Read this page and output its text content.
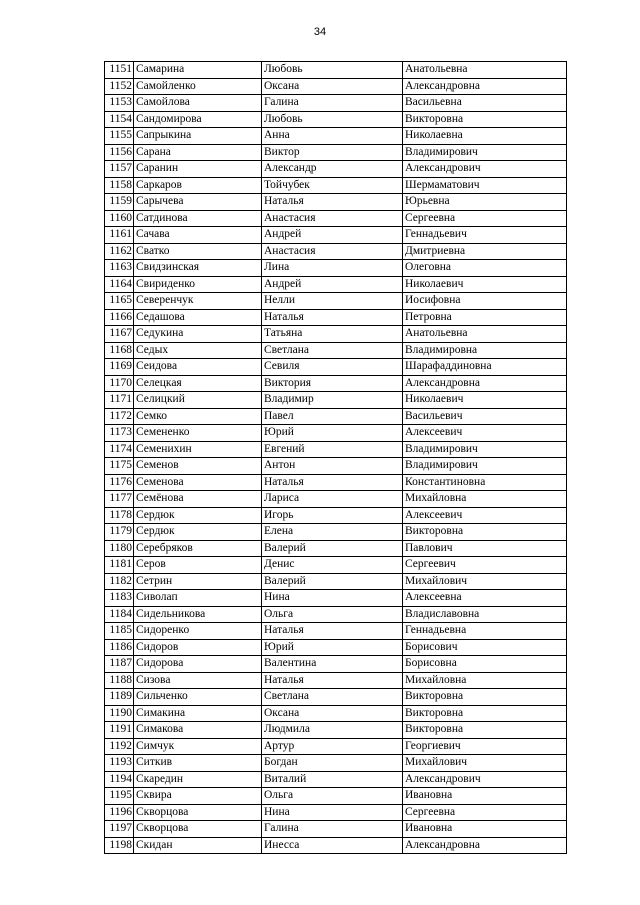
34
1151	Самарина	Любовь	Анатольевна
1152	Самойленко	Оксана	Александровна
1153	Самойлова	Галина	Васильевна
1154	Сандомирова	Любовь	Викторовна
1155	Сапрыкина	Анна	Николаевна
1156	Сарана	Виктор	Владимирович
1157	Саранин	Александр	Александрович
1158	Саркаров	Тойчубек	Шермаматович
1159	Сарычева	Наталья	Юрьевна
1160	Сатдинова	Анастасия	Сергеевна
1161	Сачава	Андрей	Геннадьевич
1162	Сватко	Анастасия	Дмитриевна
1163	Свидзинская	Лина	Олеговна
1164	Свириденко	Андрей	Николаевич
1165	Северенчук	Нелли	Иосифовна
1166	Седашова	Наталья	Петровна
1167	Седукина	Татьяна	Анатольевна
1168	Седых	Светлана	Владимировна
1169	Сеидова	Севиля	Шарафаддиновна
1170	Селецкая	Виктория	Александровна
1171	Селицкий	Владимир	Николаевич
1172	Семко	Павел	Васильевич
1173	Семененко	Юрий	Алексеевич
1174	Семенихин	Евгений	Владимирович
1175	Семенов	Антон	Владимирович
1176	Семенова	Наталья	Константиновна
1177	Семёнова	Лариса	Михайловна
1178	Сердюк	Игорь	Алексеевич
1179	Сердюк	Елена	Викторовна
1180	Серебряков	Валерий	Павлович
1181	Серов	Денис	Сергеевич
1182	Сетрин	Валерий	Михайлович
1183	Сиволап	Нина	Алексеевна
1184	Сидельникова	Ольга	Владиславовна
1185	Сидоренко	Наталья	Геннадьевна
1186	Сидоров	Юрий	Борисович
1187	Сидорова	Валентина	Борисовна
1188	Сизова	Наталья	Михайловна
1189	Сильченко	Светлана	Викторовна
1190	Симакина	Оксана	Викторовна
1191	Симакова	Людмила	Викторовна
1192	Симчук	Артур	Георгиевич
1193	Ситкив	Богдан	Михайлович
1194	Скаредин	Виталий	Александрович
1195	Сквира	Ольга	Ивановна
1196	Скворцова	Нина	Сергеевна
1197	Скворцова	Галина	Ивановна
1198	Скидан	Инесса	Александровна
